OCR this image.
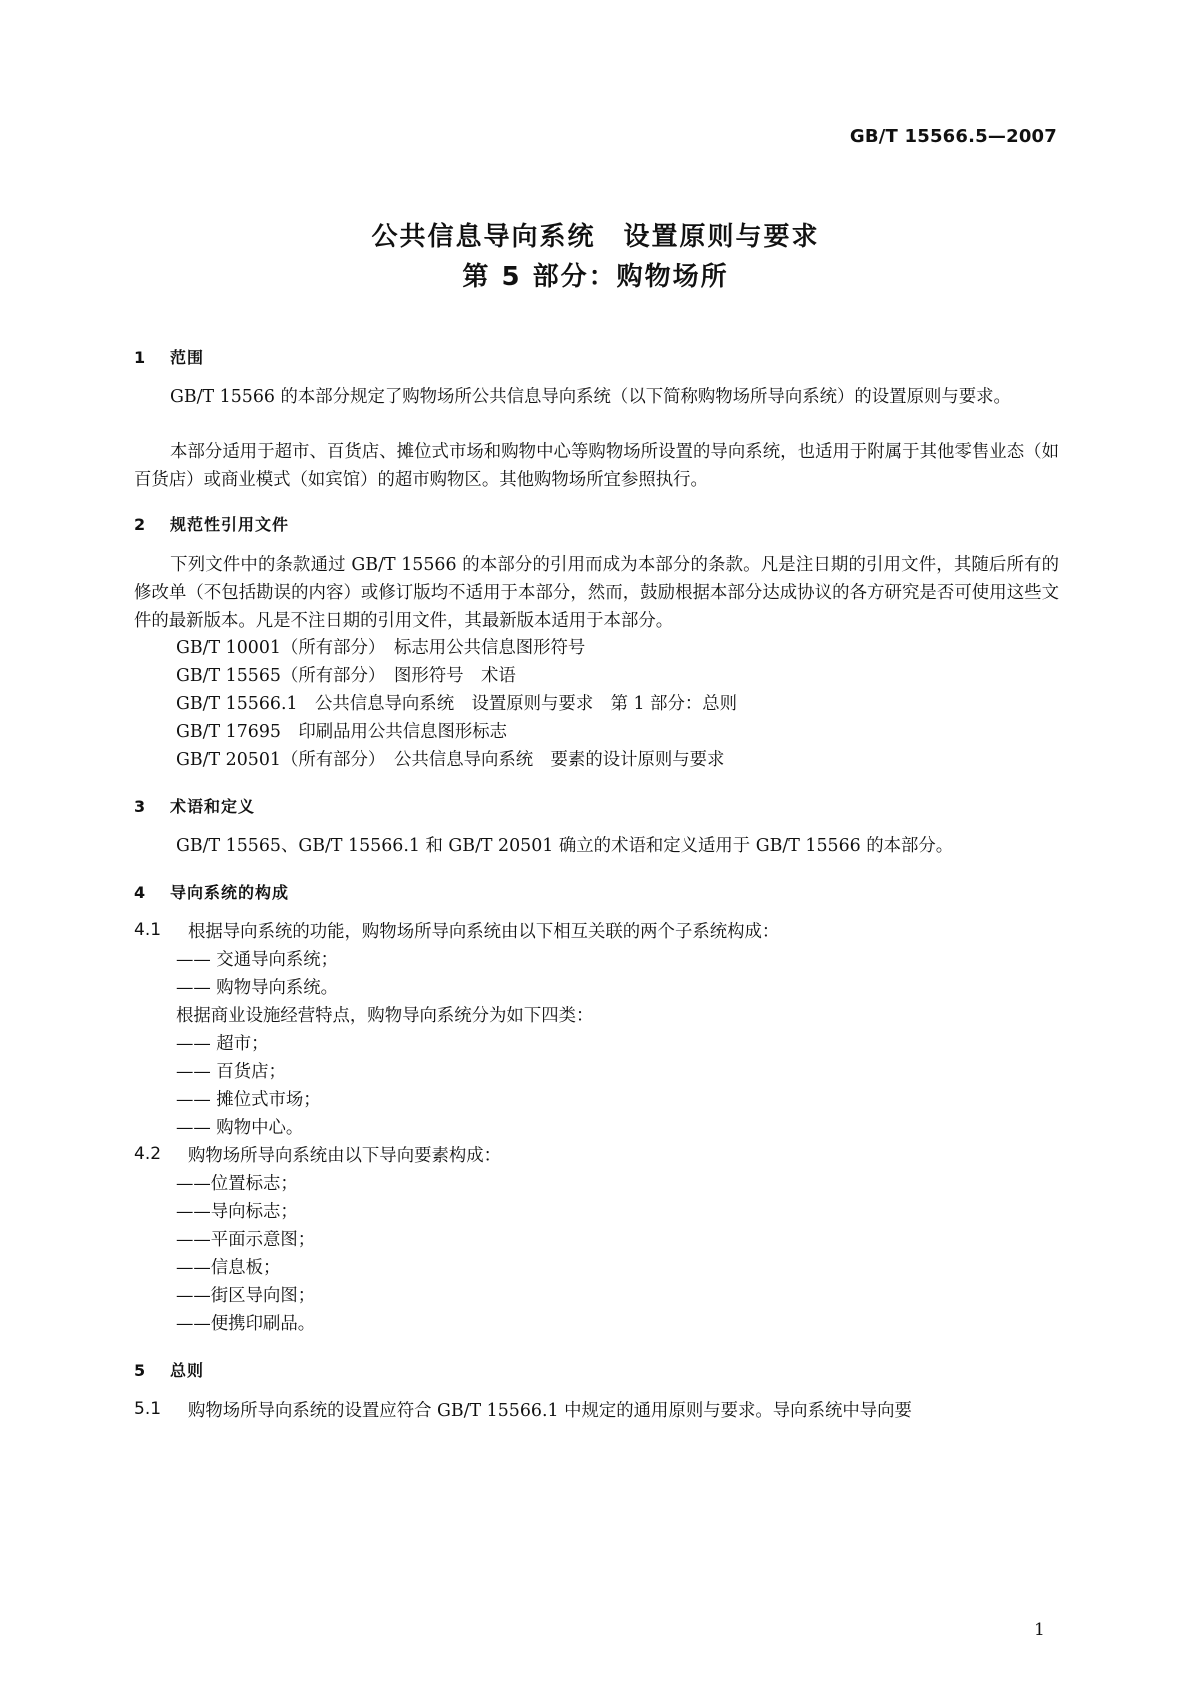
GB/T 15566.5—2007
公共信息导向系统　设置原则与要求
第 5 部分：购物场所
1 范围
GB/T 15566 的本部分规定了购物场所公共信息导向系统（以下简称购物场所导向系统）的设置原则与要求。
本部分适用于超市、百货店、摊位式市场和购物中心等购物场所设置的导向系统，也适用于附属于其他零售业态（如百货店）或商业模式（如宾馆）的超市购物区。其他购物场所宜参照执行。
2 规范性引用文件
下列文件中的条款通过 GB/T 15566 的本部分的引用而成为本部分的条款。凡是注日期的引用文件，其随后所有的修改单（不包括勘误的内容）或修订版均不适用于本部分，然而，鼓励根据本部分达成协议的各方研究是否可使用这些文件的最新版本。凡是不注日期的引用文件，其最新版本适用于本部分。
GB/T 10001（所有部分）　标志用公共信息图形符号
GB/T 15565（所有部分）　图形符号　术语
GB/T 15566.1　公共信息导向系统　设置原则与要求　第 1 部分：总则
GB/T 17695　印刷品用公共信息图形标志
GB/T 20501（所有部分）　公共信息导向系统　要素的设计原则与要求
3 术语和定义
GB/T 15565、GB/T 15566.1 和 GB/T 20501 确立的术语和定义适用于 GB/T 15566 的本部分。
4 导向系统的构成
4.1 根据导向系统的功能，购物场所导向系统由以下相互关联的两个子系统构成：
—— 交通导向系统；
—— 购物导向系统。
根据商业设施经营特点，购物导向系统分为如下四类：
—— 超市；
—— 百货店；
—— 摊位式市场；
—— 购物中心。
4.2 购物场所导向系统由以下导向要素构成：
——位置标志；
——导向标志；
——平面示意图；
——信息板；
——街区导向图；
——便携印刷品。
5 总则
5.1 购物场所导向系统的设置应符合 GB/T 15566.1 中规定的通用原则与要求。导向系统中导向要
1
